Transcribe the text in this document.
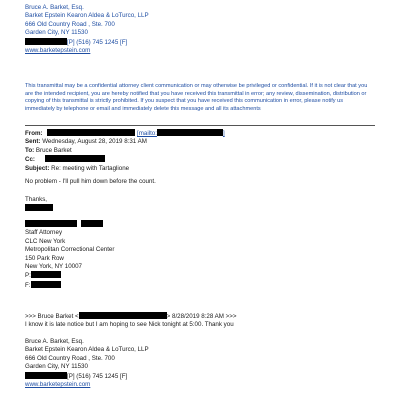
Bruce A. Barket, Esq.
Barket Epstein Kearon Aldea & LoTurco, LLP
666 Old Country Road , Ste. 700
Garden City, NY 11530
[P] (516) 745 1245 [F]
www.barketepstein.com
This transmittal may be a confidential attorney client communication or may otherwise be privileged or confidential. If it is not clear that you are the intended recipient, you are hereby notified that you have received this transmittal in error; any review, dissemination, distribution or copying of this transmittal is strictly prohibited. If you suspect that you have received this communication in error, please notify us immediately by telephone or email and immediately delete this message and all its attachments
From:	[mailto:	]
Sent: Wednesday, August 28, 2019 8:31 AM
To: Bruce Barket
Cc:
Subject: Re: meeting with Tartaglione
No problem - I'll pull him down before the count.
Thanks,
Staff Attorney
CLC New York
Metropolitan Correctional Center
150 Park Row
New York, NY 10007
P:
F:
>>> Bruce Barket <	> 8/28/2019 8:28 AM >>>
I know it is late notice but I am hoping to see Nick tonight at 5:00. Thank you
Bruce A. Barket, Esq.
Barket Epstein Kearon Aldea & LoTurco, LLP
666 Old Country Road , Ste. 700
Garden City, NY 11530
[P] (516) 745 1245 [F]
www.barketepstein.com
